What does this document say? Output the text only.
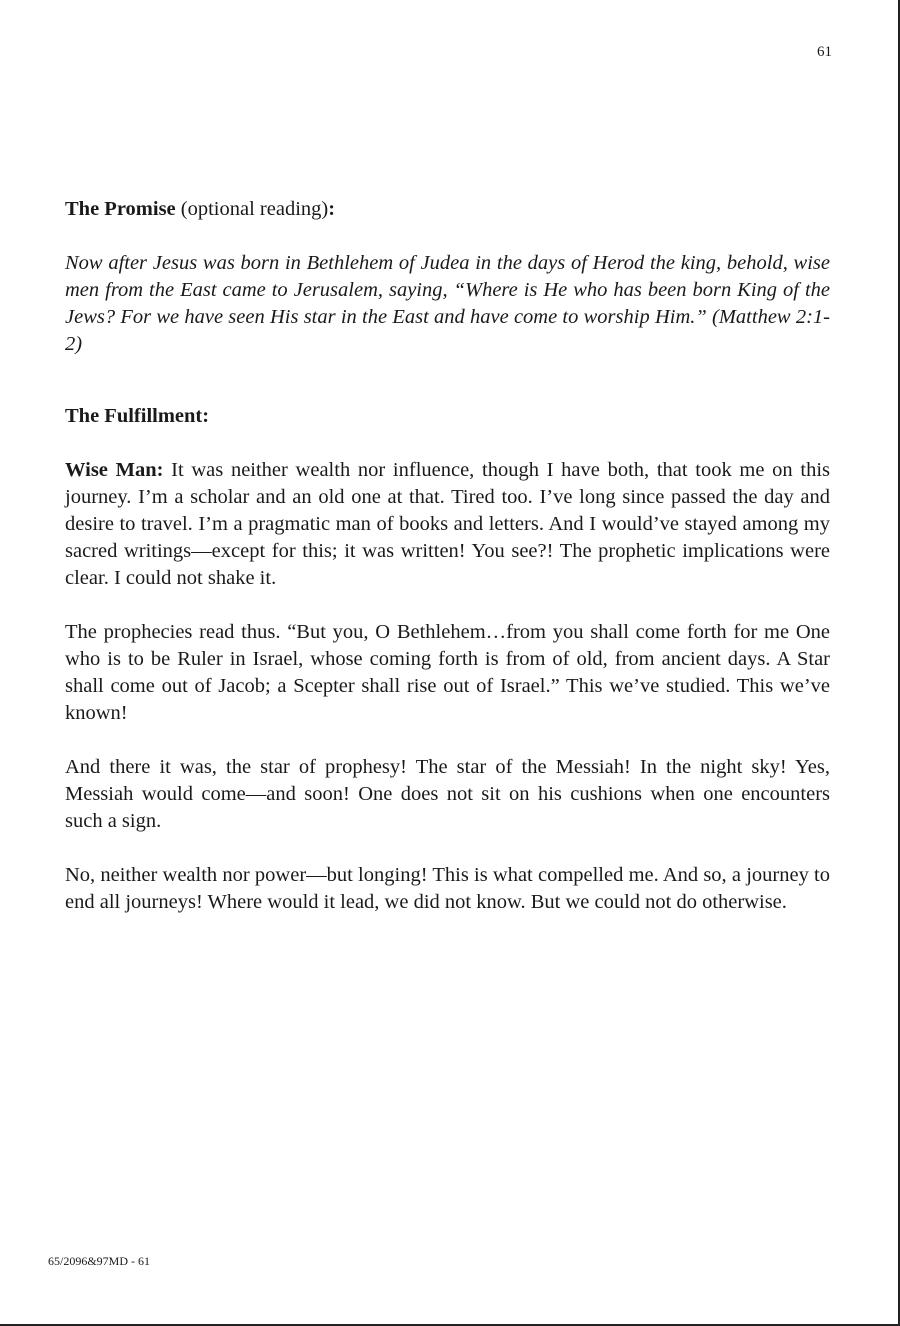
61

The Promise (optional reading):

Now after Jesus was born in Bethlehem of Judea in the days of Herod the king, behold, wise men from the East came to Jerusalem, saying, “Where is He who has been born King of the Jews? For we have seen His star in the East and have come to worship Him.” (Matthew 2:1-2)

The Fulfillment:

Wise Man: It was neither wealth nor influence, though I have both, that took me on this journey. I’m a scholar and an old one at that. Tired too. I’ve long since passed the day and desire to travel. I’m a pragmatic man of books and letters. And I would’ve stayed among my sacred writings—except for this; it was written! You see?! The prophetic implications were clear. I could not shake it.

The prophecies read thus. “But you, O Bethlehem…from you shall come forth for me One who is to be Ruler in Israel, whose coming forth is from of old, from ancient days. A Star shall come out of Jacob; a Scepter shall rise out of Israel.” This we’ve studied. This we’ve known!

And there it was, the star of prophesy! The star of the Messiah! In the night sky! Yes, Messiah would come—and soon! One does not sit on his cushions when one encounters such a sign.

No, neither wealth nor power—but longing! This is what compelled me. And so, a journey to end all journeys! Where would it lead, we did not know. But we could not do otherwise.

65/2096&97MD - 61
